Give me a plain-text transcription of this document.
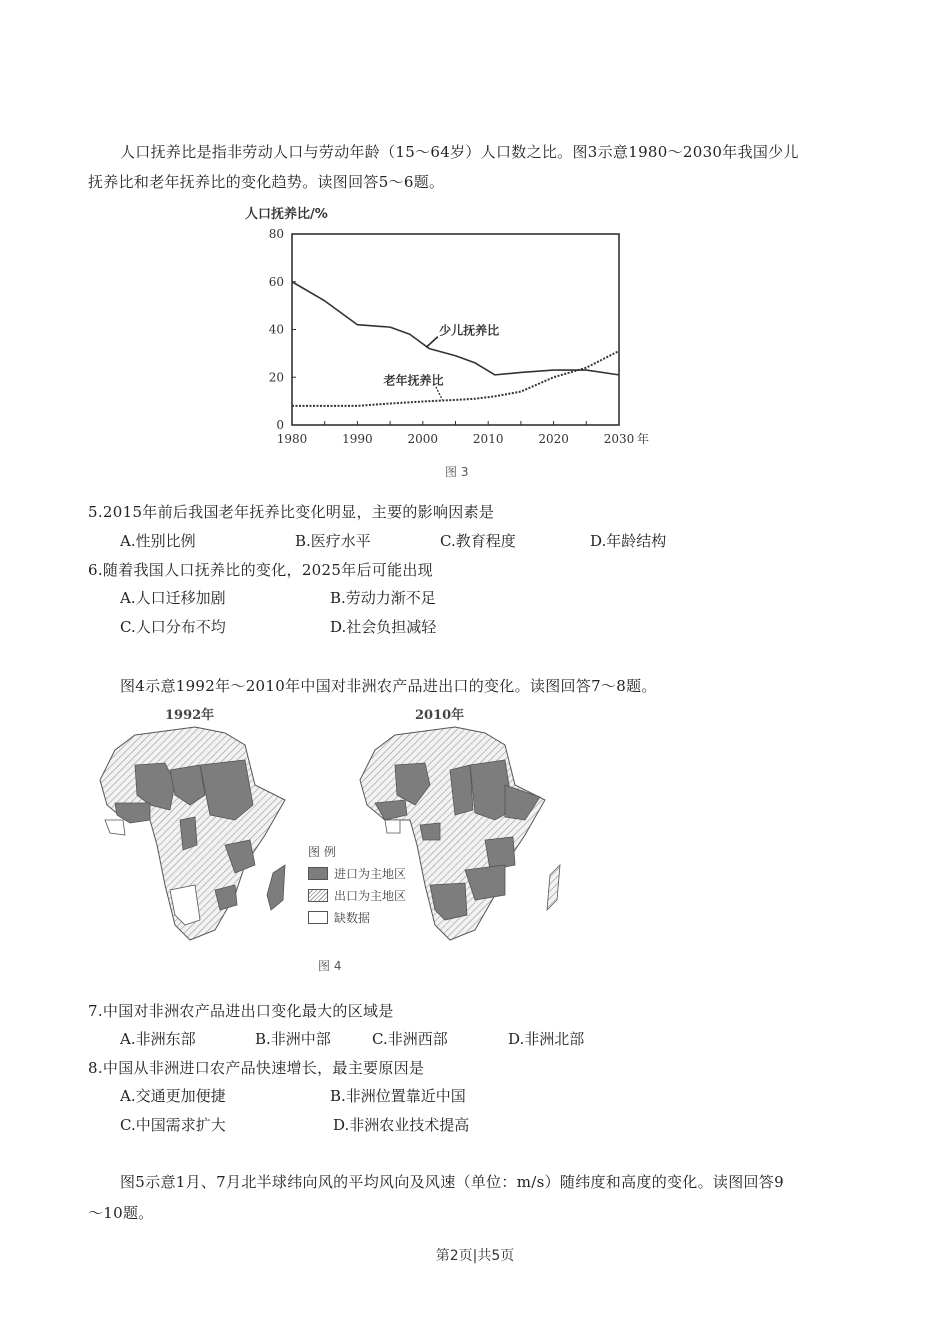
人口抚养比是指非劳动人口与劳动年龄（15～64岁）人口数之比。图3示意1980～2030年我国少儿
抚养比和老年抚养比的变化趋势。读图回答5～6题。
人口抚养比/%
0
20
40
60
80
1980	1990	2000	2010	2020	2030 年
少儿抚养比
老年抚养比
图 3
5.2015年前后我国老年抚养比变化明显，主要的影响因素是
A.性别比例	B.医疗水平	C.教育程度	D.年龄结构
6.随着我国人口抚养比的变化，2025年后可能出现
A.人口迁移加剧	B.劳动力渐不足
C.人口分布不均	D.社会负担减轻
图4示意1992年～2010年中国对非洲农产品进出口的变化。读图回答7～8题。
1992年	2010年
图 例
进口为主地区
出口为主地区
缺数据
图 4
7.中国对非洲农产品进出口变化最大的区域是
A.非洲东部	B.非洲中部	C.非洲西部	D.非洲北部
8.中国从非洲进口农产品快速增长，最主要原因是
A.交通更加便捷	B.非洲位置靠近中国
C.中国需求扩大	D.非洲农业技术提高
图5示意1月、7月北半球纬向风的平均风向及风速（单位：m/s）随纬度和高度的变化。读图回答9
～10题。
第2页|共5页
